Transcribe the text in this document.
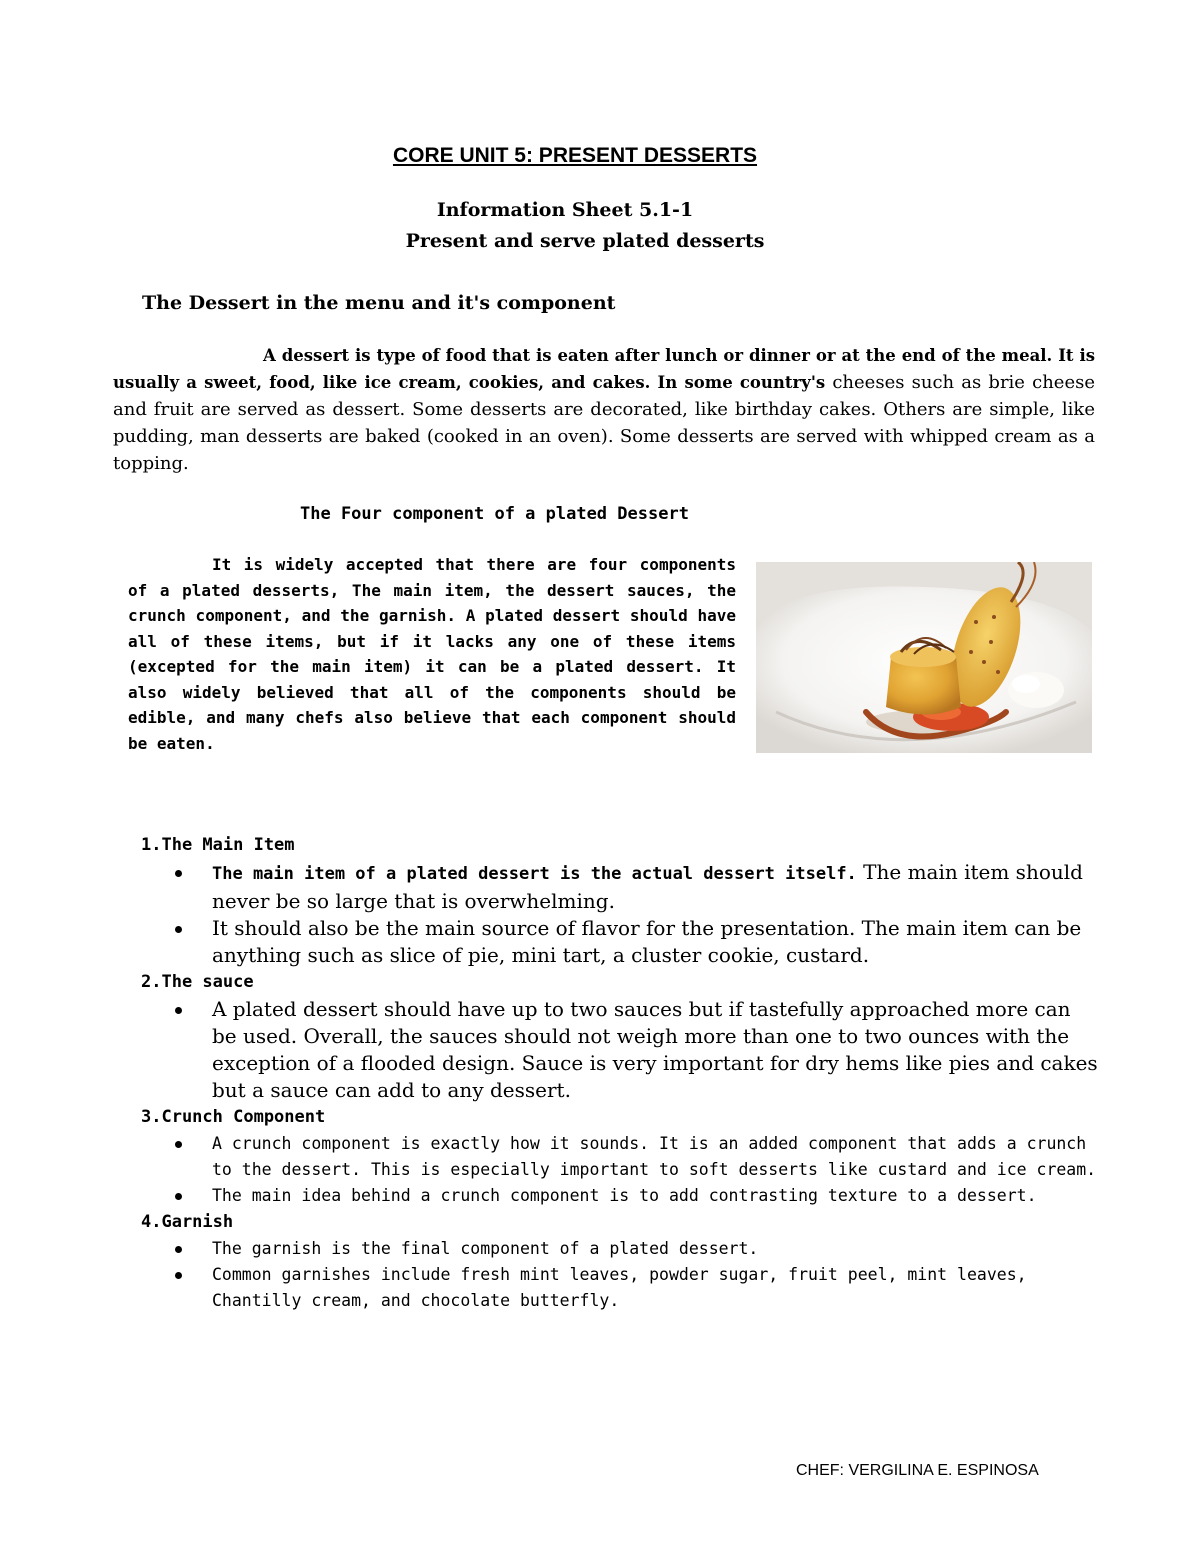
CORE UNIT 5: PRESENT DESSERTS
Information Sheet 5.1-1
Present and serve plated desserts
The Dessert in the menu and it's component
A dessert is type of food that is eaten after lunch or dinner or at the end of the meal. It is usually a sweet, food, like ice cream, cookies, and cakes. In some country's cheeses such as brie cheese and fruit are served as dessert. Some desserts are decorated, like birthday cakes. Others are simple, like pudding, man desserts are baked (cooked in an oven). Some desserts are served with whipped cream as a topping.
The Four component of a plated Dessert
It is widely accepted that there are four components of a plated desserts, The main item, the dessert sauces, the crunch component, and the garnish. A plated dessert should have all of these items, but if it lacks any one of these items (excepted for the main item) it can be a plated dessert. It also widely believed that all of the components should be edible, and many chefs also believe that each component should be eaten.
1.The Main Item
The main item of a plated dessert is the actual dessert itself. The main item should never be so large that is overwhelming.
It should also be the main source of flavor for the presentation. The main item can be anything such as slice of pie, mini tart, a cluster cookie, custard.
2.The sauce
A plated dessert should have up to two sauces but if tastefully approached more can be used. Overall, the sauces should not weigh more than one to two ounces with the exception of a flooded design. Sauce is very important for dry hems like pies and cakes but a sauce can add to any dessert.
3.Crunch Component
A crunch component is exactly how it sounds. It is an added component that adds a crunch to the dessert. This is especially important to soft desserts like custard and ice cream.
The main idea behind a crunch component is to add contrasting texture to a dessert.
4.Garnish
The garnish is the final component of a plated dessert.
Common garnishes include fresh mint leaves, powder sugar, fruit peel, mint leaves, Chantilly cream, and chocolate butterfly.
CHEF: VERGILINA E. ESPINOSA
